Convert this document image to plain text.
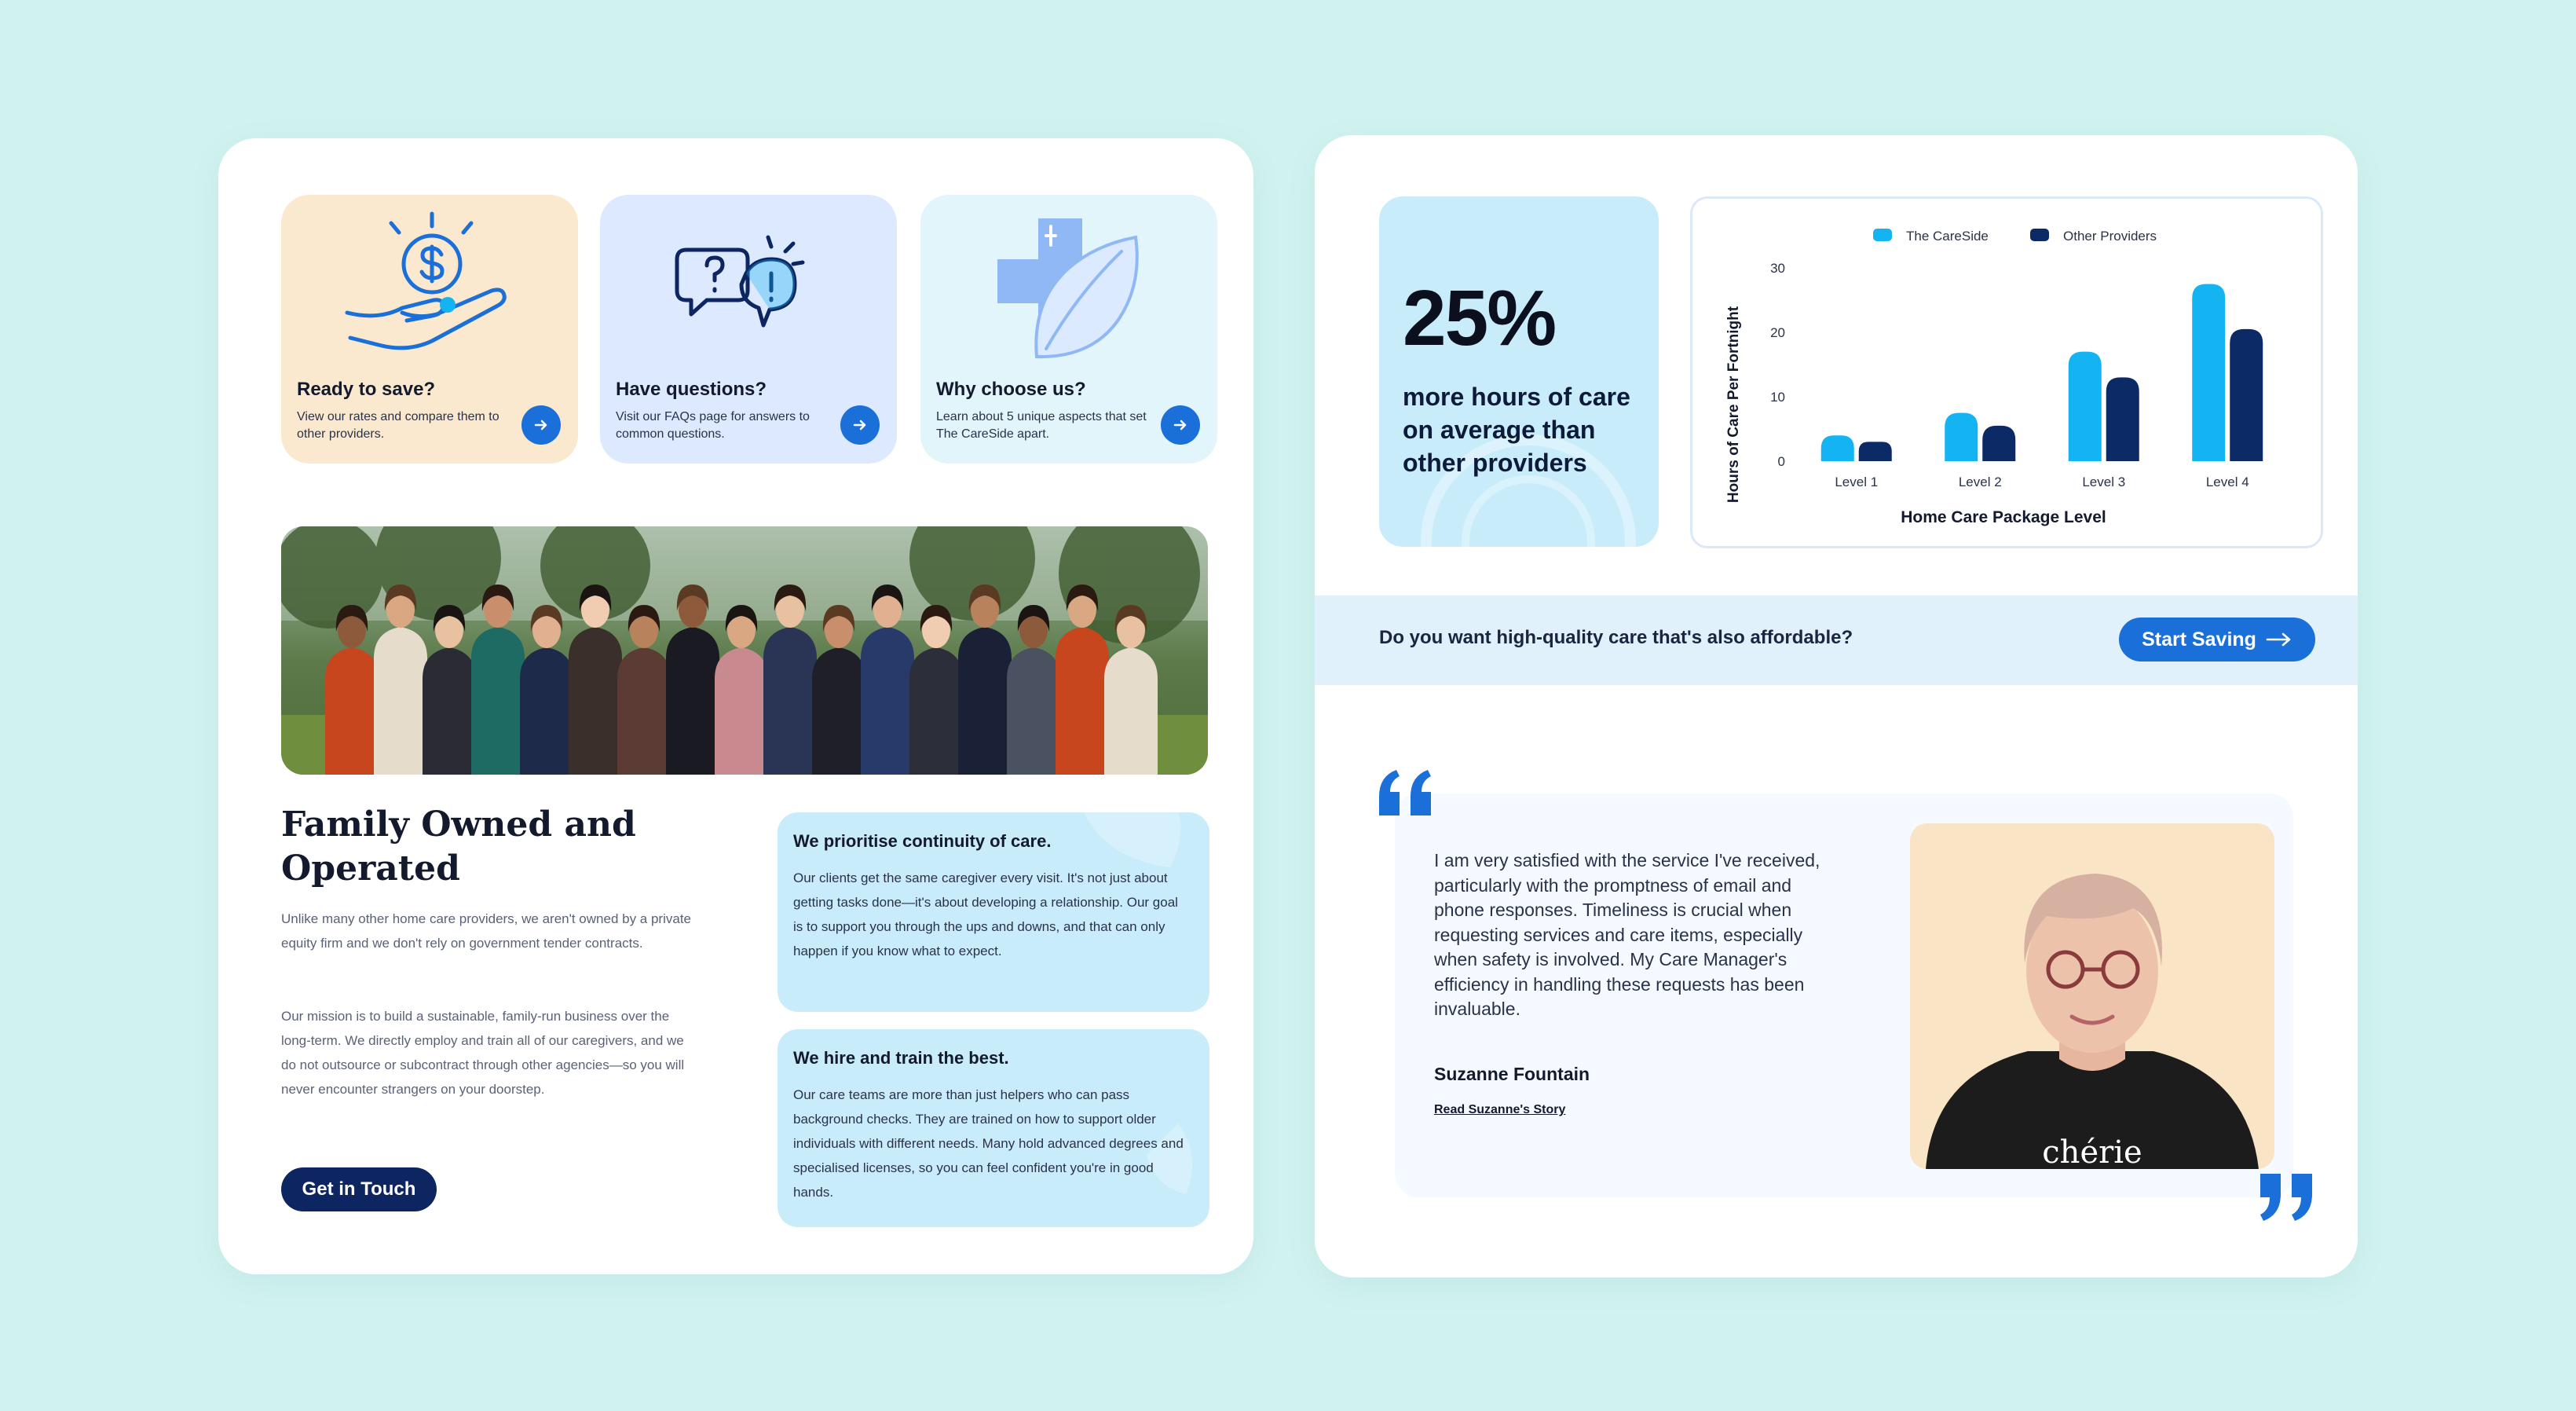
Ready to save?
View our rates and compare them to other providers.
Have questions?
Visit our FAQs page for answers to common questions.
Why choose us?
Learn about 5 unique aspects that set The CareSide apart.
Family Owned and Operated

Unlike many other home care providers, we aren't owned by a private equity firm and we don't rely on government tender contracts.

Our mission is to build a sustainable, family-run business over the long-term. We directly employ and train all of our caregivers, and we do not outsource or subcontract through other agencies—so you will never encounter strangers on your doorstep.

Get in Touch
We prioritise continuity of care.
Our clients get the same caregiver every visit. It's not just about getting tasks done—it's about developing a relationship. Our goal is to support you through the ups and downs, and that can only happen if you know what to expect.
We hire and train the best.
Our care teams are more than just helpers who can pass background checks. They are trained on how to support older individuals with different needs. Many hold advanced degrees and specialised licenses, so you can feel confident you're in good hands.
25%
more hours of care on average than other providers
The CareSide	Other Providers
0
10
20
30
Level 1	Level 2	Level 3	Level 4
Hours of Care Per Fortnight
Home Care Package Level
Do you want high-quality care that's also affordable?	Start Saving

I am very satisfied with the service I've received, particularly with the promptness of email and phone responses. Timeliness is crucial when requesting services and care items, especially when safety is involved. My Care Manager's efficiency in handling these requests has been invaluable.

Suzanne Fountain
Read Suzanne's Story
chérie
